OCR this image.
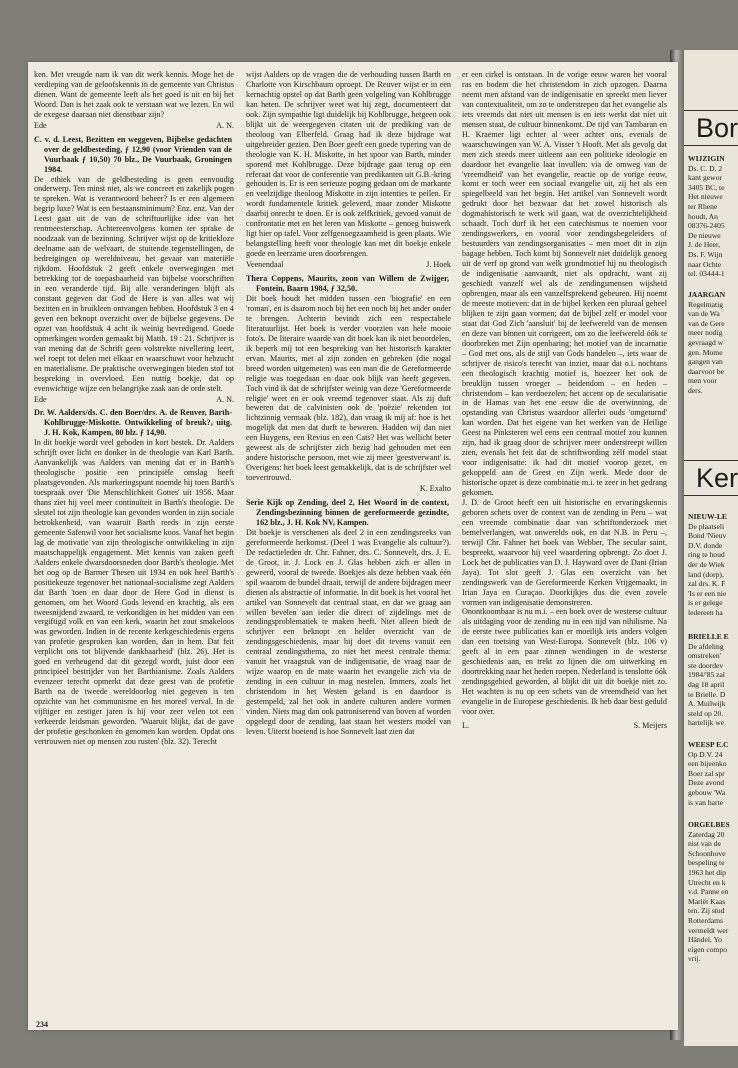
ken. Met vreugde nam ik van dit werk kennis. Moge het de verdieping van de geloofskennis in de gemeente van Christus dienen. Want de gemeente leeft als het goed is uit en bij het Woord. Dan is het zaak ook te verstaan wat we lezen. En wil de exegese daaraan niet dienstbaar zijn?

Ede	A. N.

C. v. d. Leest, Bezitten en weggeven, Bijbelse gedachten over de geldbesteding, ƒ 12,90 (voor Vrienden van de Vuurbaak ƒ 10,50) 70 blz., De Vuurbaak, Groningen 1984.

De ethiek van de geldbesteding is geen eenvoudig onderwerp. Ten minst niet, als we concreet en zakelijk pogen te spreken. Wat is verantwoord beheer? Is er een algemeen begrip luxe? Wat is een bestaansminimum? Enz. enz. Van der Leest gaat uit de van de schriftuurlijke idee van het rentmeesterschap. Achtereenvolgens komen ter sprake de noodzaak van de bezinning. Schrijver wijst op de kritiekloze deelname aan de welvaart, de stuitende tegenstellingen, de bedreigingen op wereldniveau, het gevaar van materiële rijkdom. Hoofdstuk 2 geeft enkele overwegingen met betrekking tot de toepasbaarheid van bijbelse voorschriften in een veranderde tijd. Bij alle veranderingen blijft als constant gegeven dat God de Here is van alles wat wij bezitten en in bruikleen ontvangen hebben. Hoofdstuk 3 en 4 geven een beknopt overzicht over de bijbelse gegevens. De opzet van hoofdstuk 4 acht ik weinig bevredigend. Goede opmerkingen worden gemaakt bij Matth. 19 : 21. Schrijver is van mening dat de Schrift geen volstrekte nivellering leert, wel roept tot delen met elkaar en waarschuwt voor hebzucht en materialisme. De praktische overwegingen bieden stof tot bespreking in overvloed. Een nuttig boekje, dat op evenwichtige wijze een belangrijke zaak aan de orde stelt.

Ede	A. N.

Dr. W. Aalders/ds. C. den Boer/drs. A. de Reuver, Barth-Kohlbrugge-Miskotte. Ontwikkeling of breuk?, uitg. J. H. Kok, Kampen, 80 blz. ƒ 14,90.

In dit boekje wordt veel geboden in kort bestek. Dr. Aalders schrijft over licht en donker in de theologie van Karl Barth. Aanvankelijk was Aalders van mening dat er in Barth's theologische positie een principiële omslag heeft plaatsgevonden. Als markeringspunt noemde hij toen Barth's toespraak over 'Die Menschlichkeit Gottes' uit 1956. Maar thans ziet hij veel meer continuïteit in Barth's theologie. De sleutel tot zijn theologie kan gevonden worden in zijn sociale betrokkenheid, van waaruit Barth reeds in zijn eerste gemeente Safenwil voor het socialisme koos. Vanaf het begin lag de motivatie van zijn theologische ontwikkeling in zijn maatschappelijk engagement. Met kennis van zaken geeft Aalders enkele dwarsdoorsneden door Barth's theologie. Met het oog op de Barmer Thesen uit 1934 en ook heel Barth's positiekeuze tegenover het nationaal-socialisme zegt Aalders dat Barth 'toen en daar door de Here God in dienst is genomen, om het Woord Gods levend en krachtig, als een tweesnijdend zwaard, te verkondigen in het midden van een vergiftigd volk en van een kerk, waarin het zout smakeloos was geworden. Indien in de recente kerkgeschiedenis ergens van profetie gesproken kan worden, dan in hem. Dat feit verplicht ons tot blijvende dankbaarheid' (blz. 26). Het is goed en verheugend dat dit gezegd wordt, juist door een principieel bestrijder van het Barthianisme. Zoals Aalders evenzeer terecht opmerkt dat deze geest van de profetie Barth na de tweede wereldoorlog niet gegeven is ten opzichte van het communisme en het moreel verval. In de vijftiger en zestiger jaren is hij voor zeer velen tot een verkeerde leidsman geworden. 'Waaruit blijkt, dat de gave der profetie geschonken én genomen kan worden. Opdat ons vertrouwen niet op mensen zou rusten' (blz. 32). Terecht

wijst Aalders op de vragen die de verhouding tussen Barth en Charlotte von Kirschbaum oproept. De Reuver wijst er in een kernachtig opstel op dat Barth geen volgeling van Kohlbrugge kan heten. De schrijver weet wat hij zegt, documenteert dat ook. Zijn sympathie ligt duidelijk bij Kohlbrugge, hetgeen ook blijkt uit de weergegeven citaten uit de prediking van de theoloog van Elberfeld. Graag had ik deze bijdrage wat uitgebreider gezien. Den Boer geeft een goede typering van de theologie van K. H. Miskotte, in het spoor van Barth, minder sporend met Kohlbrugge. Deze bijdrage gaat terug op een referaat dat voor de conferentie van predikanten uit G.B.-kring gehouden is. Er is een serieuze poging gedaan om de markante en veelzijdige theoloog Miskotte in zijn intenties te peilen. Er wordt fundamentele kritiek geleverd, maar zonder Miskotte daarbij onrecht te doen. Er is ook zelfkritiek, gevoed vanuit de confrontatie met en het leren van Miskotte – genoeg huiswerk ligt hier op tafel. Voor zelfgenoegzaamheid is geen plaats. Wie belangstelling heeft voor theologie kan met dit boekje enkele goede en leerzame uren doorbrengen.

Veenendaal	J. Hoek

Thera Coppens, Maurits, zoon van Willem de Zwijger, Fontein, Baarn 1984, ƒ 32,50.

Dit boek houdt het midden tussen een 'biografie' en een 'roman', en is daarom noch bij het een noch bij het ander onder te brengen. Achterin bevindt zich een respectabele literatuurlijst. Het boek is verder voorzien van hele mooie foto's. De literaire waarde van dit boek kan ik niet beoordelen, ik beperk mij tot een bespreking van het historisch karakter ervan. Maurits, met al zijn zonden en gebreken (die nogal breed worden uitgemeten) was een man die de Gereformeerde religie was toegedaan en daar ook blijk van heeft gegeven. Toch vind ik dat de schrijfster weinig van deze 'Gereformeerde religie' weet en er ook vreemd tegenover staat. Als zij duft beweren dat de calvinisten ook de 'poëzie' rekenden tot lichtzinnig vermaak (blz. 182), dan vraag ik mij af: hoe is het mogelijk dat men dat durft te beweren. Hadden wij dan niet een Huygens, een Revius en een Cats? Het was wellicht beter geweest als de schrijfster zich bezig had gehouden met een andere historische persoon, met wie zij meer 'geestverwant' is. Overigens: het boek leest gemakkelijk, dat is de schrijfster wel toevertrouwd.

K. Exalto

Serie Kijk op Zending, deel 2, Het Woord in de context, Zendingsbezinning binnen de gereformeerde gezindte, 162 blz., J. H. Kok NV, Kampen.

Dit boekje is verschenen als deel 2 in een zendingsreeks van gereformeerde herkomst. (Deel 1 was Evangelie als cultuur?). De redactieleden dr. Chr. Fahner, drs. C. Sonnevelt, drs. J. E. de Groot, ir. J. Lock en J. Glas hebben zich er allen in geweerd, vooral de tweede. Boekjes als deze hebben vaak één spil waarom de bundel draait, terwijl de andere bijdragen meer dienen als abstractie of informatie. In dit boek is het vooral het artikel van Sonnevelt dat centraal staat, en dat we graag aan willen bevelen aan ieder die direct of zijdelings met de zendingsproblematiek te maken heeft. Niet alleen biedt de schrijver een beknopt en helder overzicht van de zendingsgeschiedenis, maar hij doet dit tevens vanuit een centraal zendingsthema, zo niet het meest centrale thema: vanuit het vraagstuk van de indigenisatie, de vraag naar de wijze waarop en de mate waarin het evangelie zich via de zending in een cultuur in mag nestelen. Immers, zoals het christendom in het Westen geland is en daardoor is gestempeld, zal het ook in andere culturen andere vormen vinden. Niets mag dan ook patroniserend van boven af worden opgelegd door de zending, laat staan het westers model van leven. Uiterst boeiend is hoe Sonnevelt laat zien dat

er een cirkel is ontstaan. In de vorige eeuw waren het vooral ras en bodem die het christendom in zich opzogen. Daarna neemt men afstand van de indigenisatie en spreekt men liever van contextualiteit, om zo te onderstrepen dat het evangelie als iets vreemds dat niet uit mensen is en iets werkt dat niet uit mensen staat, de cultuur binnenkomt. De tijd van Tambaran en H. Kraemer ligt echter al weer achter ons, evenals de waarschuwingen van W. A. Visser 't Hooft. Met als gevolg dat men zich steeds meer uitleent aan een politieke ideologie en daardoor het evangelie laat invullen: via de omweg van de 'vreemdheid' van het evangelie, reactie op de vorige eeuw, komt er toch weer een sociaal evangelie uit, zij het als een spiegelbeeld van het begin. Het artikel van Sonnevelt wordt gedrukt door het bezwaar dat het zowel historisch als dogmahistorisch te werk wil gaan, wat de overzichtelijkheid schaadt. Toch durf ik het een catechismus te noemen voor zendingswerkers, en vooral voor zendingsbegeleiders of bestuurders van zendingsorganisaties – men moet dit in zijn bagage hebben. Toch komt bij Sonnevelt niet duidelijk genoeg uit de verf op grond van welk grondmotief hij nu theologisch de indigenisatie aanvaardt, niet als opdracht, want zij geschiedt vanzelf wel als de zendingsmensen wijsheid opbrengen, maar als een vanzelfsprekend gebeuren. Hij noemt de meeste motieven: dat in de bijbel kerken een pluraal geheel blijken te zijn gaan vormen; dat de bijbel zelf er model voor staat dat God Zich 'aansluit' bij de leefwereld van de mensen en deze van binnen uit corrigeert, om zo die leefwereld óók te doorbreken met Zijn openbaring; het motief van de incarnatie – God met ons, als de stijl van Gods handelen –, iets waar de schrijver de risico's terecht van inziet, maar dat o.i. nochtans een theologisch krachtig motief is, hoezeer het ook de breuklijn tussen vroeger – heidendom – en heden – christendom – kan verdoezelen; het accent op de secularisatie in de Hamas van het ene eeuw die de overwinning, de opstanding van Christus waardoor allerlei ouds 'omgeturnd' kan worden. Dat het eigene van het werken van de Heilige Geest na Pinksteren wel eens een centraal motief zou kunnen zijn, had ik graag door de schrijver meer onderstreept willen zien, evenals het feit dat de schriftwording zélf model staat voor indigenisatie: ik had dit motief voorop gezet, en gekoppeld aan de Geest en Zijn werk. Mede door de historische opzet is deze combinatie m.i. te zeer in het gedrang gekomen.

J. D. de Groot heeft een uit historische en ervaringskennis geboren schets over de context van de zending in Peru – wat een vreemde combinatie daar van schriftonderzoek met bemelverlangen, wat onwerelds ook, en dat N.B. in Peru –, terwijl Chr. Fahner het boek van Webber, The secular saint, bespreekt, waarvoor hij veel waardering opbrengt. Zo doet J. Lock het de publicaties van D. J. Hayward over de Dani (Irian Jaya). Tot slot geeft J. Glas een overzicht van het zendingswerk van de Gereformeerde Kerken Vrijgemaakt, in Irian Jaya en Curaçao. Doorkijkjes dus die even zovele vormen van indigenisatie demonstreren.

Onontkoombaar is nu m.i. – een boek over de westerse cultuur als uitdaging voor de zending nu in een tijd van nihilisme. Na de eerste twee publicaties kan er moeilijk iets anders volgen dan een toetsing van West-Europa. Sonnevelt (blz. 106 v) geeft al in een paar zinnen wendingen in de westerse geschiedenis aan, en trekt zo lijnen die om uitwerking en doortrekking naar het heden roepen. Nederland is tenslotte óók zendingsgebied geworden, al blijkt dit uit dit boekje niet zo. Het wachten is nu op een schets van de vreemdheid van het evangelie in de Europese geschiedenis. Ik heb daar best geduld voor over.

L.	S. Meijers
234
Bor
WIJZIGIN
Ds. C. D. 2
kant gewor
3405 BC, te
Het nieuwe
ter Rhene
houdt, An
08376-2405
De nieuwe
J. de Heer,
Ds. F. Wijn
naar Ochte
tel. 03444-1
JAARGAN
Regelmatig
van de Wa
van de Gere
meer nodig
gevraagd w
gen. Mome
gangen van
daarvoor be
men voor
ders.
Ker
NIEUW-LE
De plaatseli
Bond 'Nieuv
D.V. donde
ring te houd
der de Wiek
land (dorp),
zal drs. K. F
'Is er een nie
is er gelege
ledereen ha
BRIELLE E
De afdeling
omstreken'
ste doordev
1984/'85 zal
dag 18 april
te Brielle. D
A. Muilwijk
steld op 20.
hartelijk we
WEESP E.C
Op D.V. 24
een bijeenko
Boer zal spr
Deze avond
gebouw 'Wa
is van harte
ORGELBES
Zaterdag 20
nist van de
Schoonhove
bespeling te
1963 het dip
Utrecht en k
v.d. Panne en
Mariët Kaas
ten. Zij stud
Rotterdams
vermeldt wer
Händel, Yo
eigen compo
vrij.
